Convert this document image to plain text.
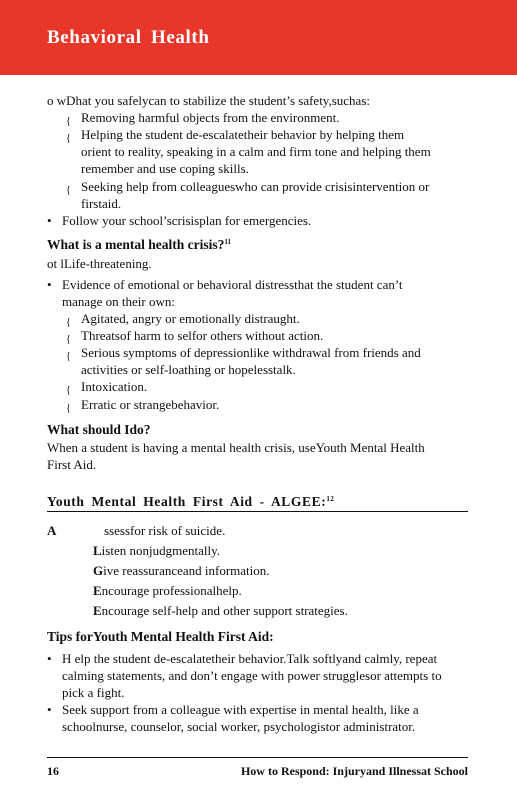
Behavioral Health
o wDhat you safelycan to stabilize the student’s safety,suchas:
{ Removing harmful objects from the environment.
{ Helping the student de-escalatetheir behavior by helping them
orient to reality, speaking in a calm and firm tone and helping them
remember and use coping skills.
{ Seeking help from colleagueswho can provide crisisintervention or
firstaid.
• Follow your school’scrisisplan for emergencies.
What is a mental health crisis?$^{11}$
ot lLife-threatening.
• Evidence of emotional or behavioral distressthat the student can’t
manage on their own:
{ Agitated, angry or emotionally distraught.
{ Threatsof harm to selfor others without action.
{ Serious symptoms of depressionlike withdrawal from friends and
activities or self-loathing or hopelesstalk.
{ Intoxication.
{ Erratic or strangebehavior.
What should Ido?
When a student is having a mental health crisis, useYouth Mental Health
First Aid.
Youth Mental Health First Aid - ALGEE:$^{12}$
A	ssessfor risk of suicide.
Listen nonjudgmentally.
Give reassuranceand information.
Encourage professionalhelp.
Encourage self-help and other support strategies.
Tips forYouth Mental Health First Aid:
• H elp the student de-escalatetheir behavior.Talk softlyand calmly, repeat
calming statements, and don’t engage with power strugglesor attempts to
pick a fight.
• Seek support from a colleague with expertise in mental health, like a
schoolnurse, counselor, social worker, psychologistor administrator.
16	How to Respond: Injuryand Illnessat School
